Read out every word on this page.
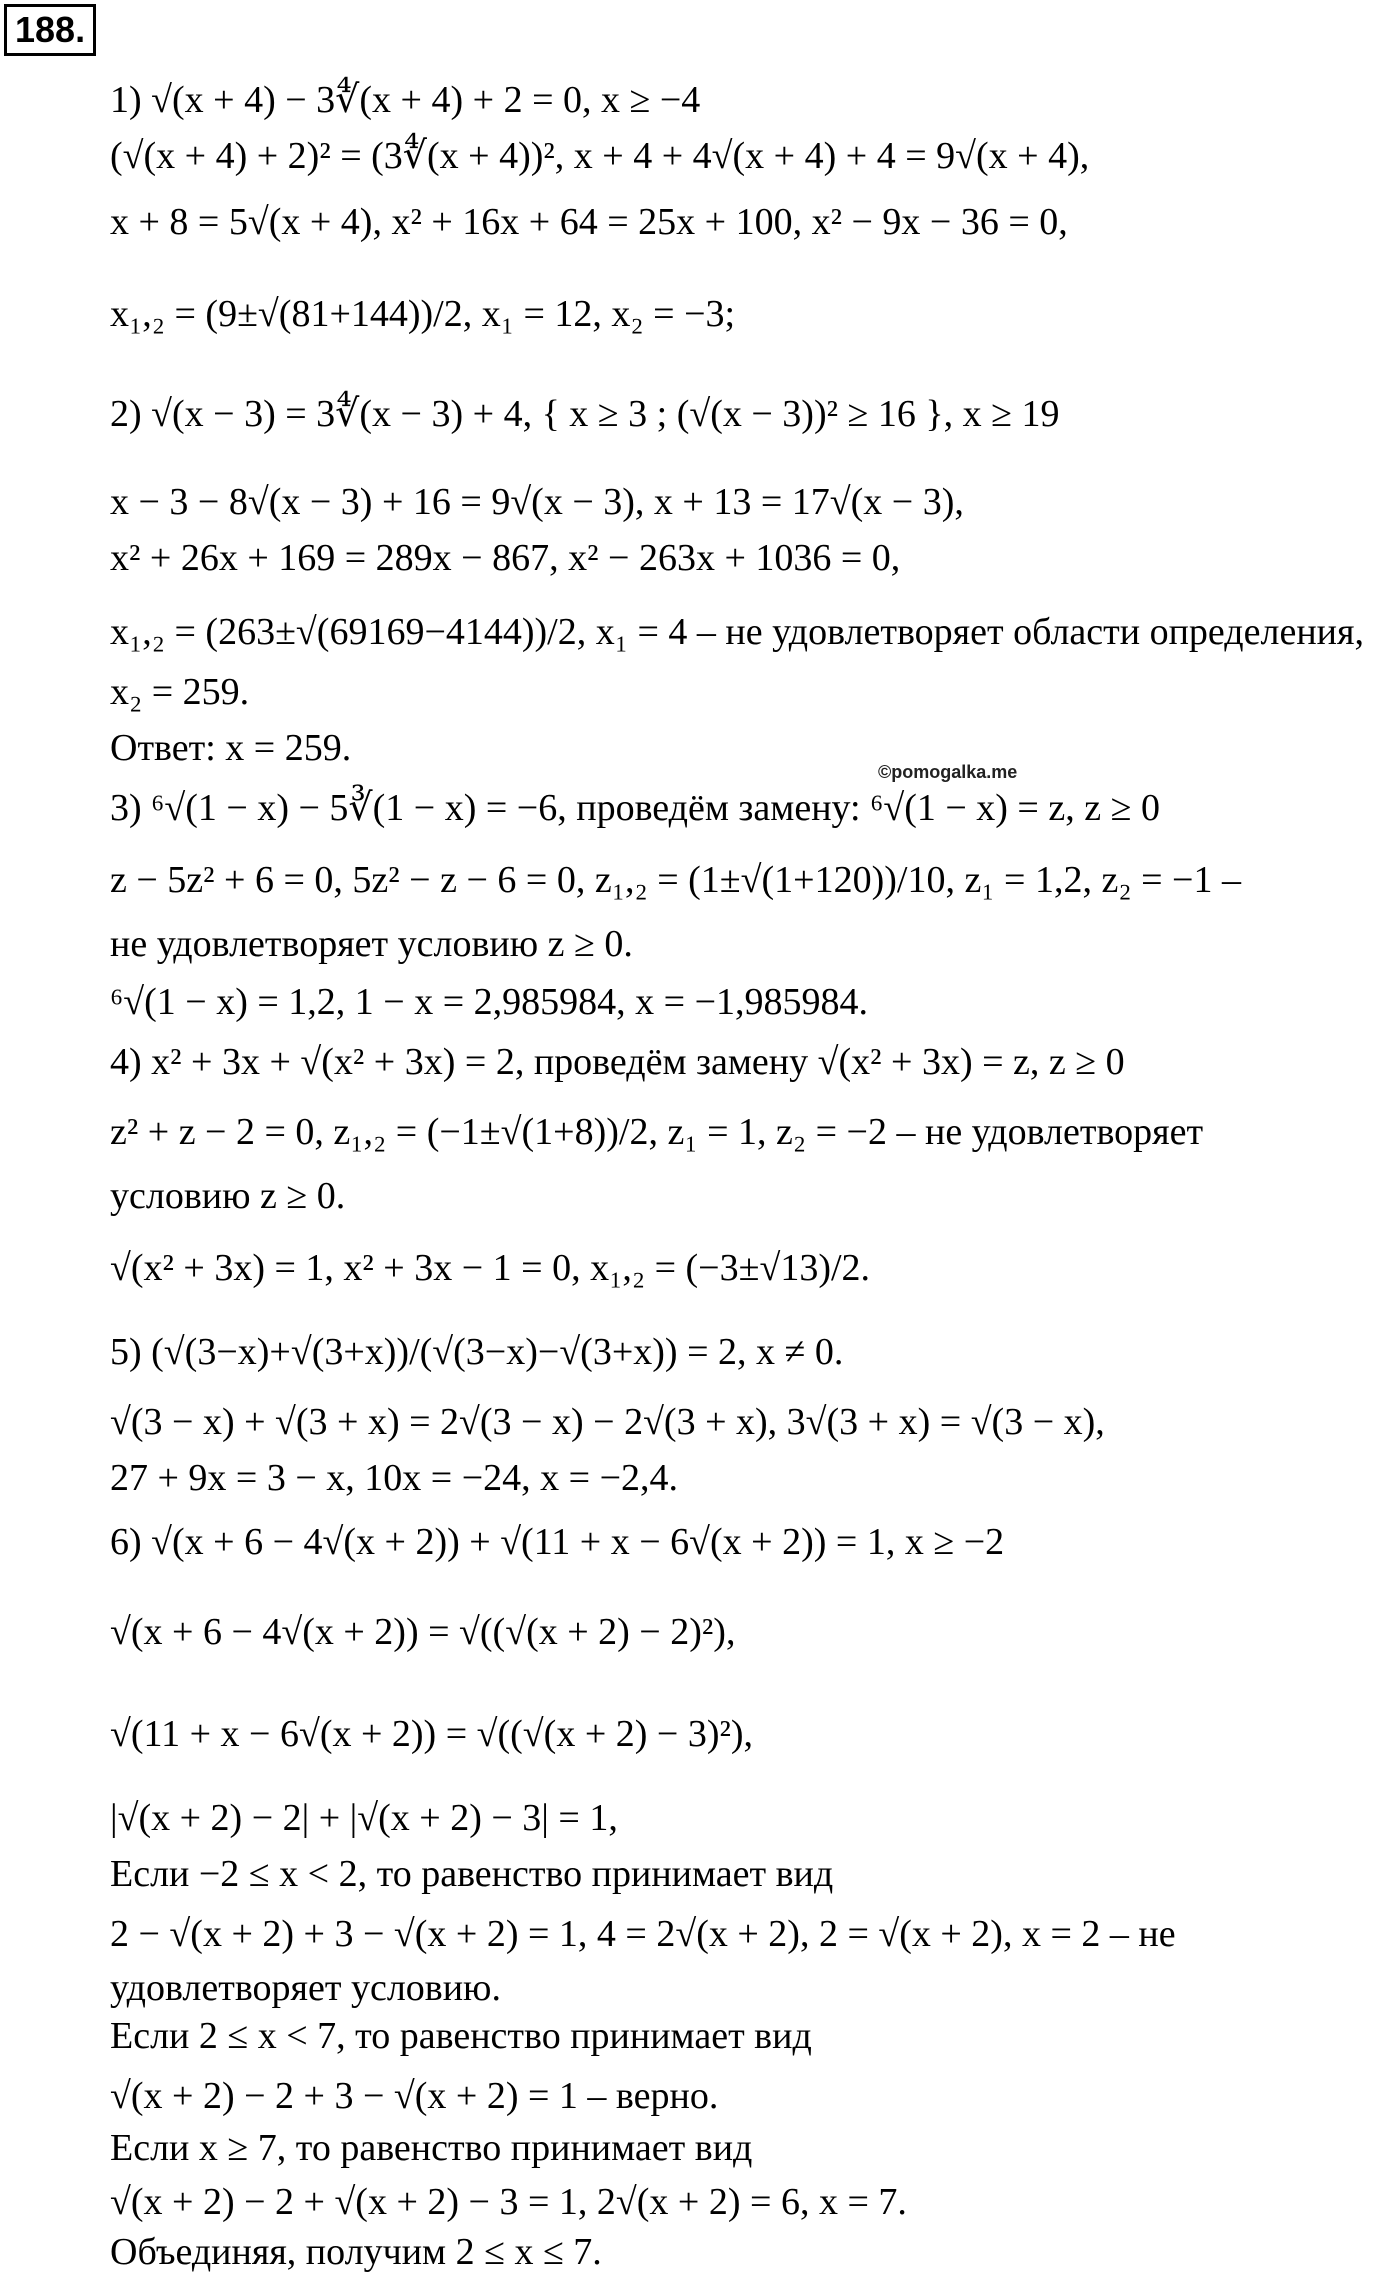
188.
©pomogalka.me
1) √(x + 4) − 3∜(x + 4) + 2 = 0, x ≥ −4
(√(x + 4) + 2)² = (3∜(x + 4))², x + 4 + 4√(x + 4) + 4 = 9√(x + 4),
x + 8 = 5√(x + 4), x² + 16x + 64 = 25x + 100, x² − 9x − 36 = 0,
x₁,₂ = (9±√(81+144))/2, x₁ = 12, x₂ = −3;
2) √(x − 3) = 3∜(x − 3) + 4, { x ≥ 3 ; (√(x − 3))² ≥ 16 }, x ≥ 19
x − 3 − 8√(x − 3) + 16 = 9√(x − 3), x + 13 = 17√(x − 3),
x² + 26x + 169 = 289x − 867, x² − 263x + 1036 = 0,
x₁,₂ = (263±√(69169−4144))/2, x₁ = 4 – не удовлетворяет области определения,
x₂ = 259.
Ответ: x = 259.
3) ⁶√(1 − x) − 5∛(1 − x) = −6, проведём замену: ⁶√(1 − x) = z, z ≥ 0
z − 5z² + 6 = 0, 5z² − z − 6 = 0, z₁,₂ = (1±√(1+120))/10, z₁ = 1,2, z₂ = −1 –
не удовлетворяет условию z ≥ 0.
⁶√(1 − x) = 1,2, 1 − x = 2,985984, x = −1,985984.
4) x² + 3x + √(x² + 3x) = 2, проведём замену √(x² + 3x) = z, z ≥ 0
z² + z − 2 = 0, z₁,₂ = (−1±√(1+8))/2, z₁ = 1, z₂ = −2 – не удовлетворяет
условию z ≥ 0.
√(x² + 3x) = 1, x² + 3x − 1 = 0, x₁,₂ = (−3±√13)/2.
5) (√(3−x)+√(3+x))/(√(3−x)−√(3+x)) = 2, x ≠ 0.
√(3 − x) + √(3 + x) = 2√(3 − x) − 2√(3 + x), 3√(3 + x) = √(3 − x),
27 + 9x = 3 − x, 10x = −24, x = −2,4.
6) √(x + 6 − 4√(x + 2)) + √(11 + x − 6√(x + 2)) = 1, x ≥ −2
√(x + 6 − 4√(x + 2)) = √((√(x + 2) − 2)²),
√(11 + x − 6√(x + 2)) = √((√(x + 2) − 3)²),
|√(x + 2) − 2| + |√(x + 2) − 3| = 1,
Если −2 ≤ x < 2, то равенство принимает вид
2 − √(x + 2) + 3 − √(x + 2) = 1, 4 = 2√(x + 2), 2 = √(x + 2), x = 2 – не
удовлетворяет условию.
Если 2 ≤ x < 7, то равенство принимает вид
√(x + 2) − 2 + 3 − √(x + 2) = 1 – верно.
Если x ≥ 7, то равенство принимает вид
√(x + 2) − 2 + √(x + 2) − 3 = 1, 2√(x + 2) = 6, x = 7.
Объединяя, получим 2 ≤ x ≤ 7.
